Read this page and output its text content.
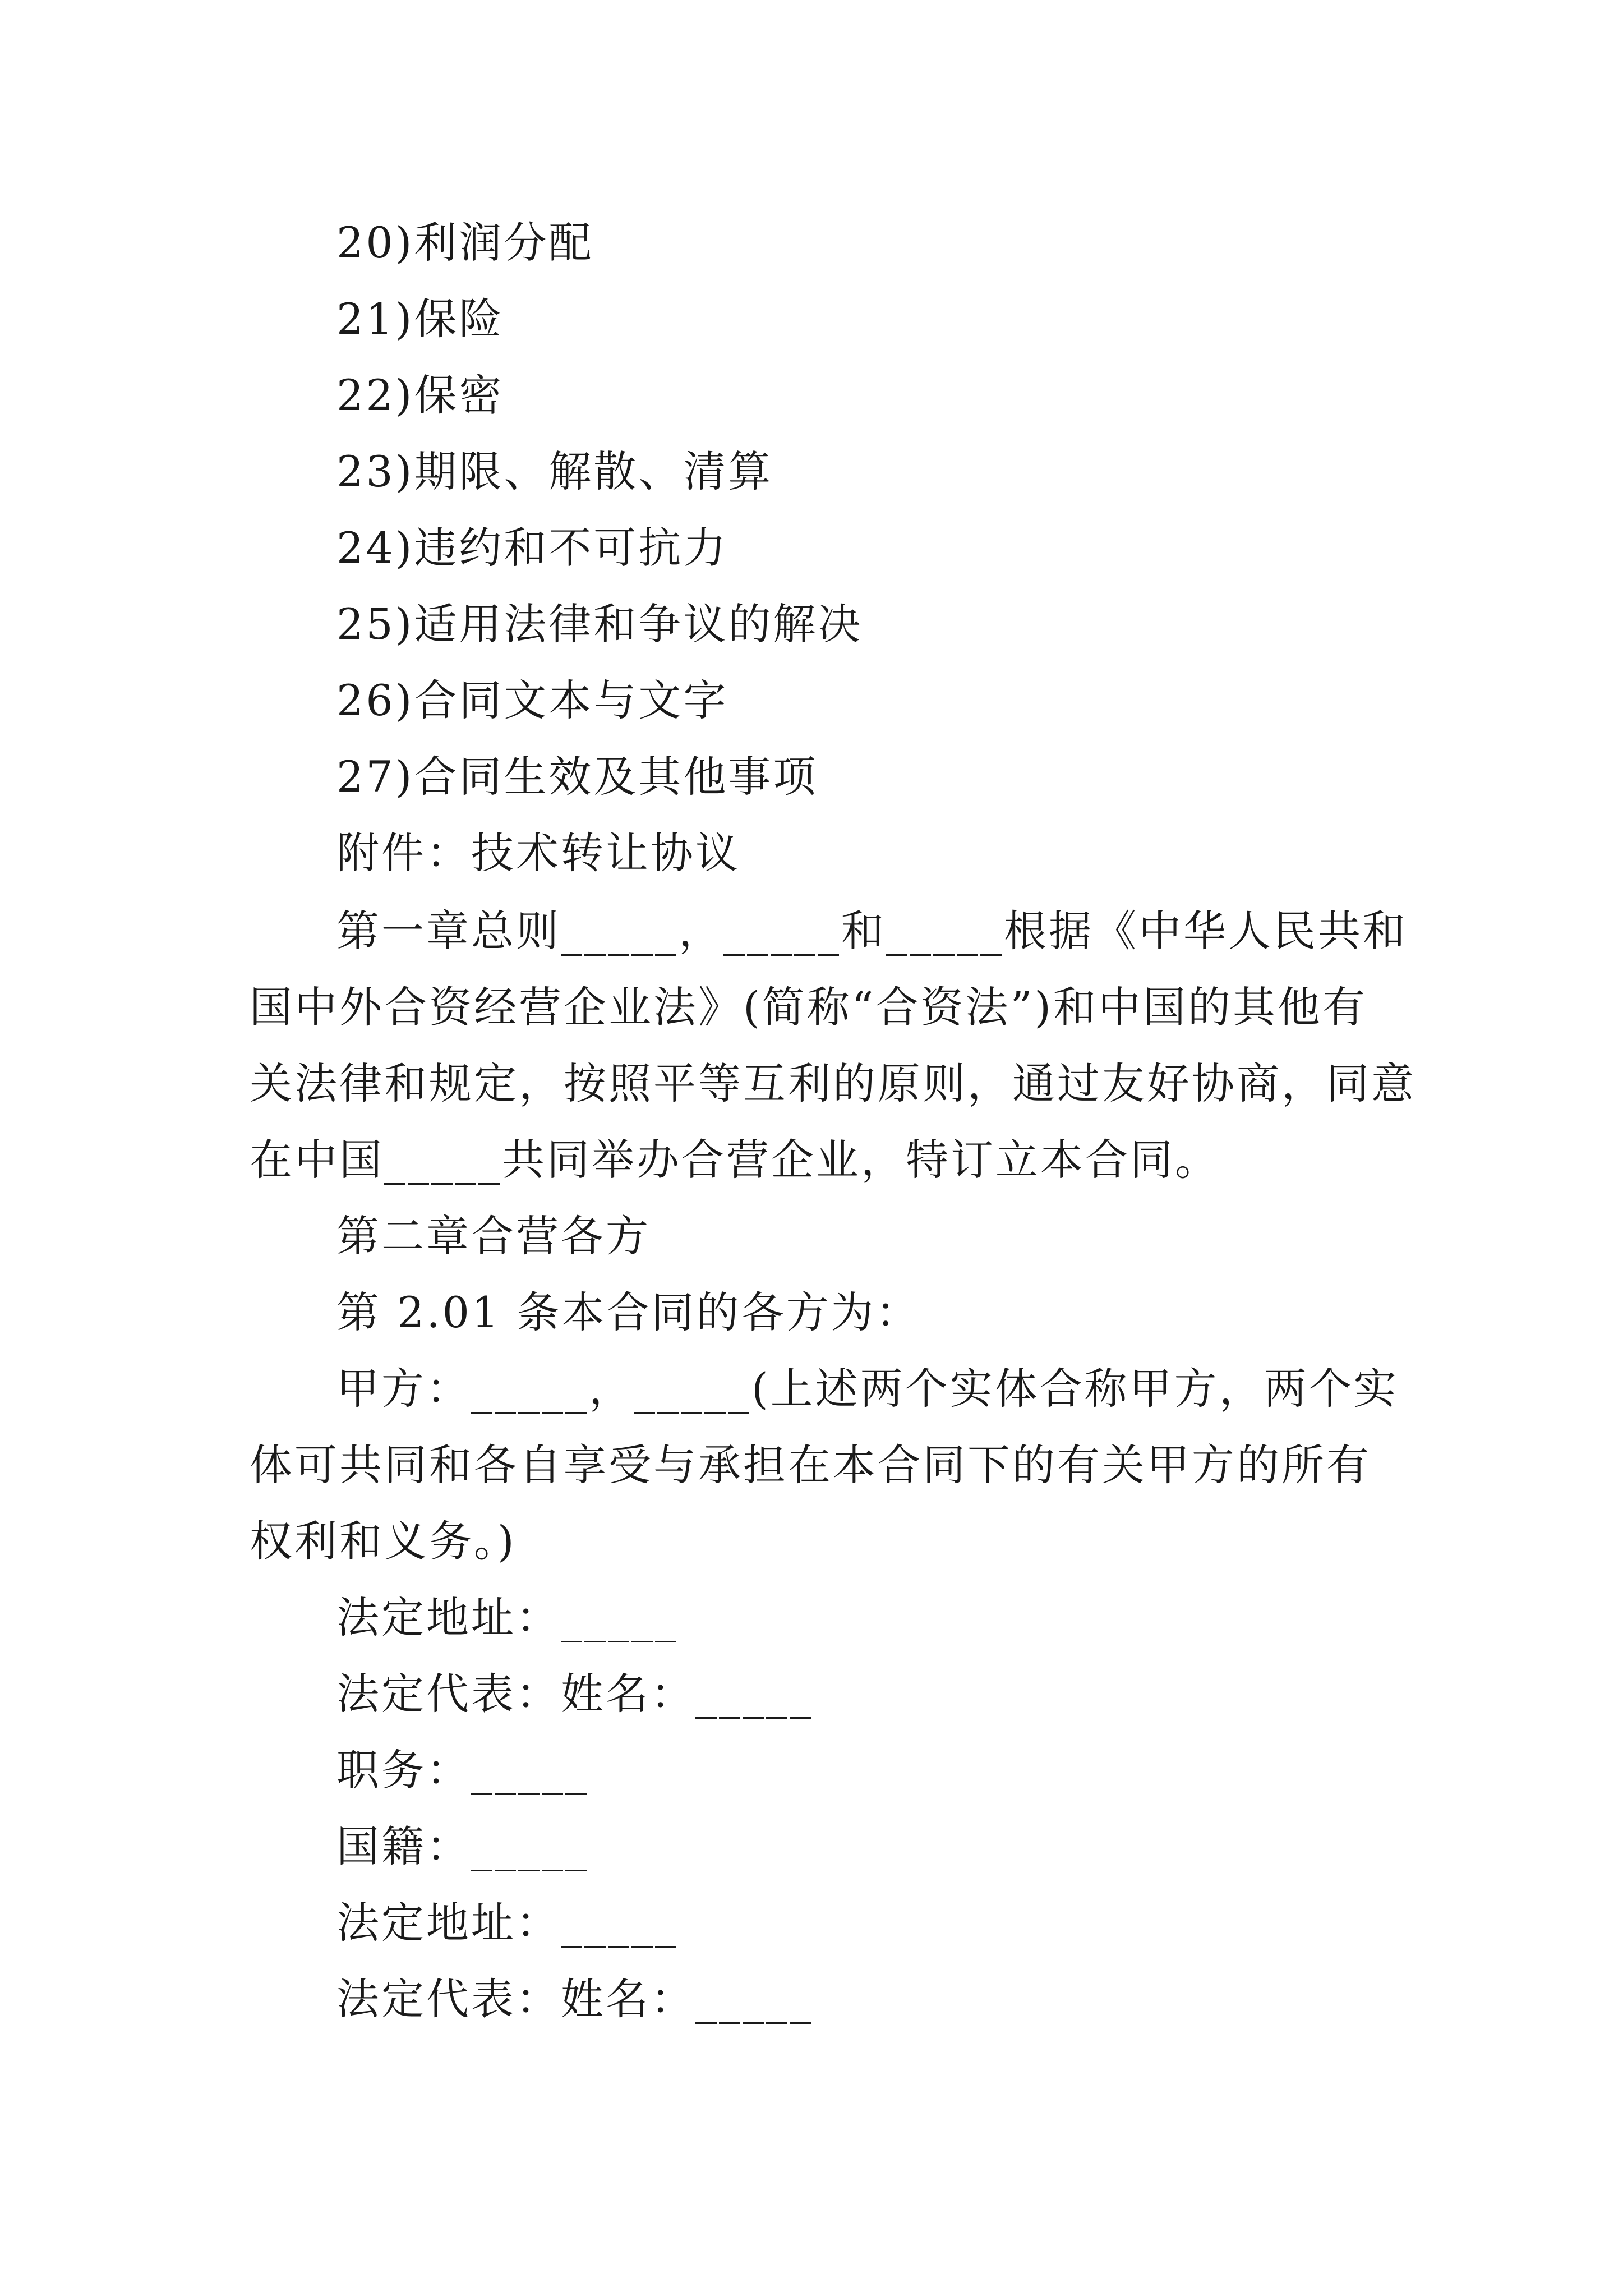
20)利润分配
21)保险
22)保密
23)期限、解散、清算
24)违约和不可抗力
25)适用法律和争议的解决
26)合同文本与文字
27)合同生效及其他事项
附件：技术转让协议
第一章总则_____，_____和_____根据《中华人民共和
国中外合资经营企业法》(简称“合资法”)和中国的其他有
关法律和规定，按照平等互利的原则，通过友好协商，同意
在中国_____共同举办合营企业，特订立本合同。
第二章合营各方
第 2.01 条本合同的各方为：
甲方：_____，_____(上述两个实体合称甲方，两个实
体可共同和各自享受与承担在本合同下的有关甲方的所有
权利和义务。)
法定地址：_____
法定代表：姓名：_____
职务：_____
国籍：_____
法定地址：_____
法定代表：姓名：_____
